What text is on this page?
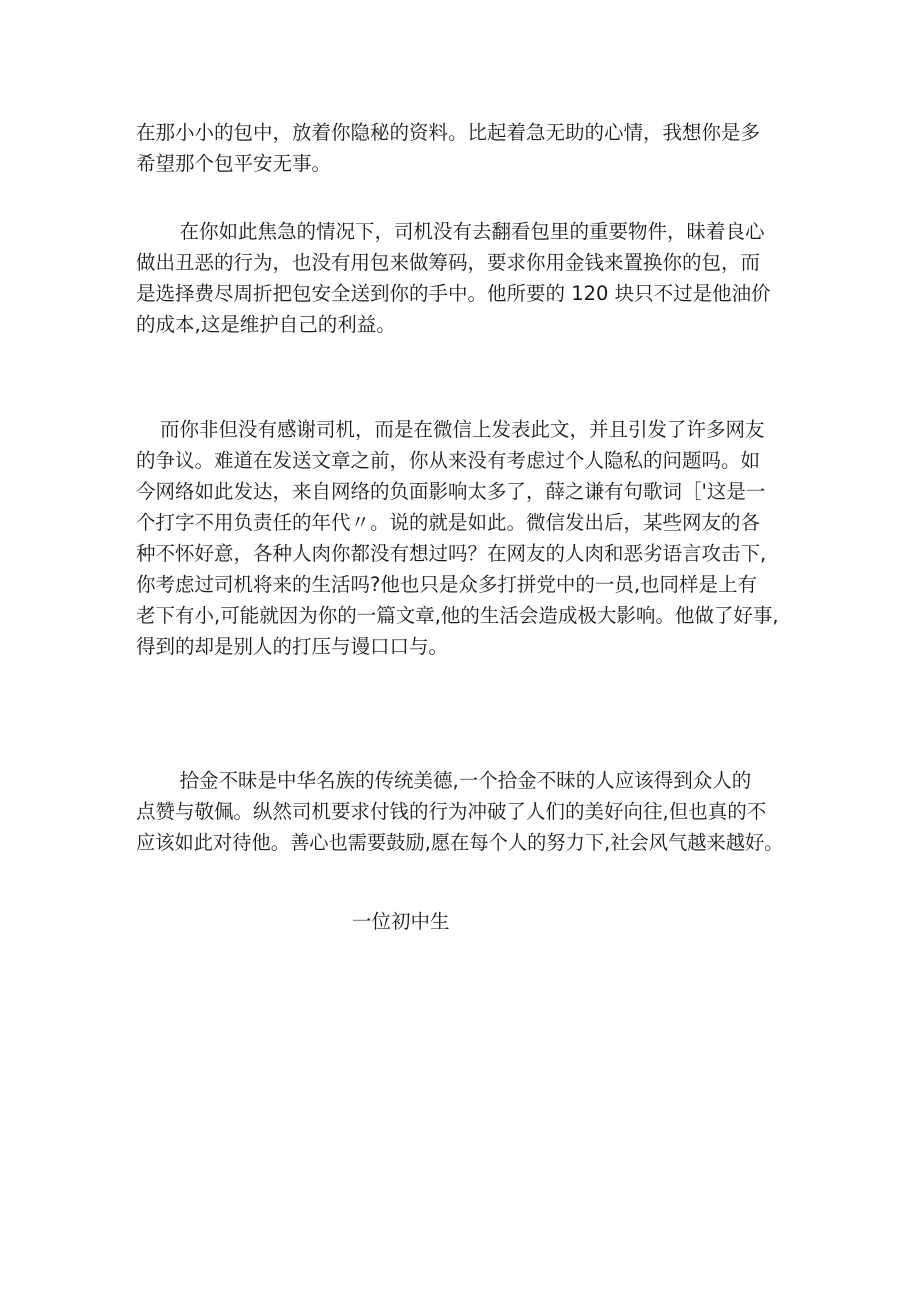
在那小小的包中，放着你隐秘的资料。比起着急无助的心情，我想你是多
希望那个包平安无事。
　在你如此焦急的情况下，司机没有去翻看包里的重要物件，昧着良心
做出丑恶的行为，也没有用包来做筹码，要求你用金钱来置换你的包，而
是选择费尽周折把包安全送到你的手中。他所要的 120 块只不过是他油价
的成本,这是维护自己的利益。
而你非但没有感谢司机，而是在微信上发表此文，并且引发了许多网友
的争议。难道在发送文章之前，你从来没有考虑过个人隐私的问题吗。如
今网络如此发达，来自网络的负面影响太多了，薛之谦有句歌词［'这是一
个打字不用负责任的年代〃。说的就是如此。微信发出后，某些网友的各
种不怀好意，各种人肉你都没有想过吗？在网友的人肉和恶劣语言攻击下,
你考虑过司机将来的生活吗?他也只是众多打拼党中的一员,也同样是上有
老下有小,可能就因为你的一篇文章,他的生活会造成极大影响。他做了好事,
得到的却是别人的打压与谩口口与。
　拾金不昧是中华名族的传统美德,一个拾金不昧的人应该得到众人的
点赞与敬佩。纵然司机要求付钱的行为冲破了人们的美好向往,但也真的不
应该如此对待他。善心也需要鼓励,愿在每个人的努力下,社会风气越来越好。
一位初中生
